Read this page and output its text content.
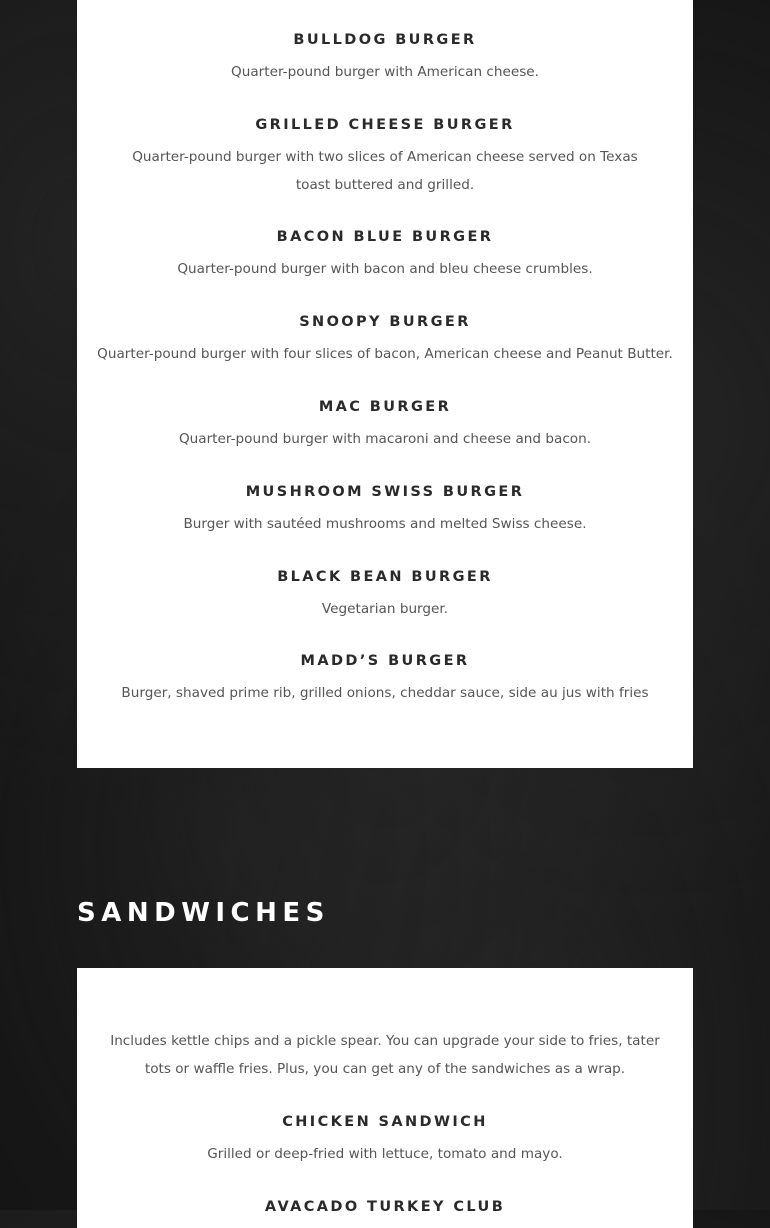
BULLDOG BURGER

Quarter-pound burger with American cheese.

GRILLED CHEESE BURGER

Quarter-pound burger with two slices of American cheese served on Texas toast buttered and grilled.

BACON BLUE BURGER

Quarter-pound burger with bacon and bleu cheese crumbles.

SNOOPY BURGER

Quarter-pound burger with four slices of bacon, American cheese and Peanut Butter.

MAC BURGER

Quarter-pound burger with macaroni and cheese and bacon.

MUSHROOM SWISS BURGER

Burger with sautéed mushrooms and melted Swiss cheese.

BLACK BEAN BURGER

Vegetarian burger.

MADD’S BURGER

Burger, shaved prime rib, grilled onions, cheddar sauce, side au jus with fries

SANDWICHES

Includes kettle chips and a pickle spear. You can upgrade your side to fries, tater tots or waffle fries. Plus, you can get any of the sandwiches as a wrap.

CHICKEN SANDWICH

Grilled or deep-fried with lettuce, tomato and mayo.

AVACADO TURKEY CLUB
